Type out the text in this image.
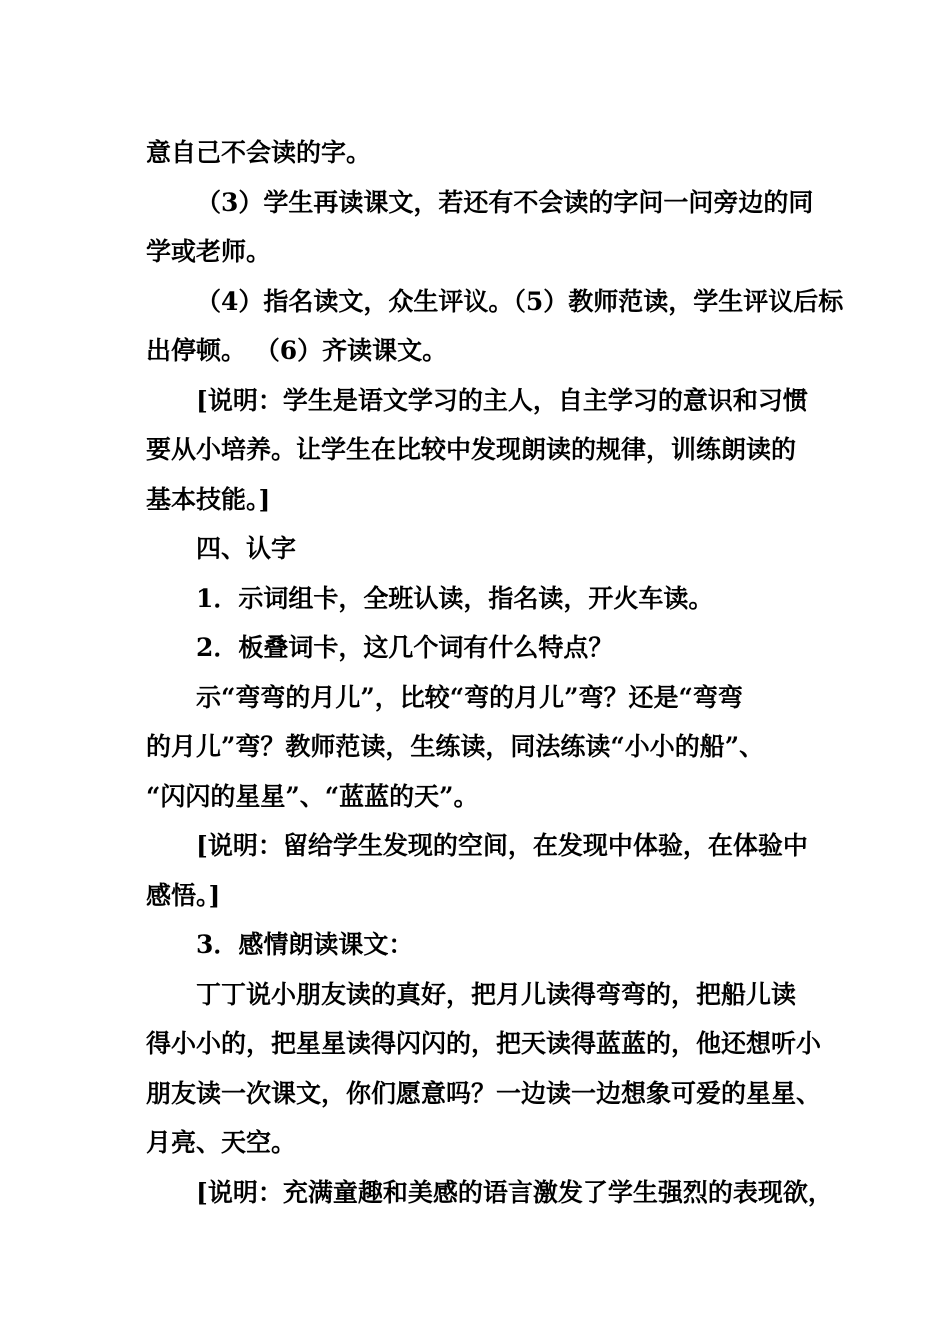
意自己不会读的字。
（3）学生再读课文，若还有不会读的字问一问旁边的同
学或老师。
（4）指名读文，众生评议。（5）教师范读，学生评议后标
出停顿。 （6）齐读课文。
[说明：学生是语文学习的主人，自主学习的意识和习惯
要从小培养。让学生在比较中发现朗读的规律，训练朗读的
基本技能。]
四、认字
1．示词组卡，全班认读，指名读，开火车读。
2．板叠词卡，这几个词有什么特点？
示“弯弯的月儿”，比较“弯的月儿”弯？还是“弯弯
的月儿”弯？教师范读，生练读，同法练读“小小的船”、
“闪闪的星星”、“蓝蓝的天”。
[说明：留给学生发现的空间，在发现中体验，在体验中
感悟。]
3．感情朗读课文：
丁丁说小朋友读的真好，把月儿读得弯弯的，把船儿读
得小小的，把星星读得闪闪的，把天读得蓝蓝的，他还想听小
朋友读一次课文，你们愿意吗？一边读一边想象可爱的星星、
月亮、天空。
[说明：充满童趣和美感的语言激发了学生强烈的表现欲，
